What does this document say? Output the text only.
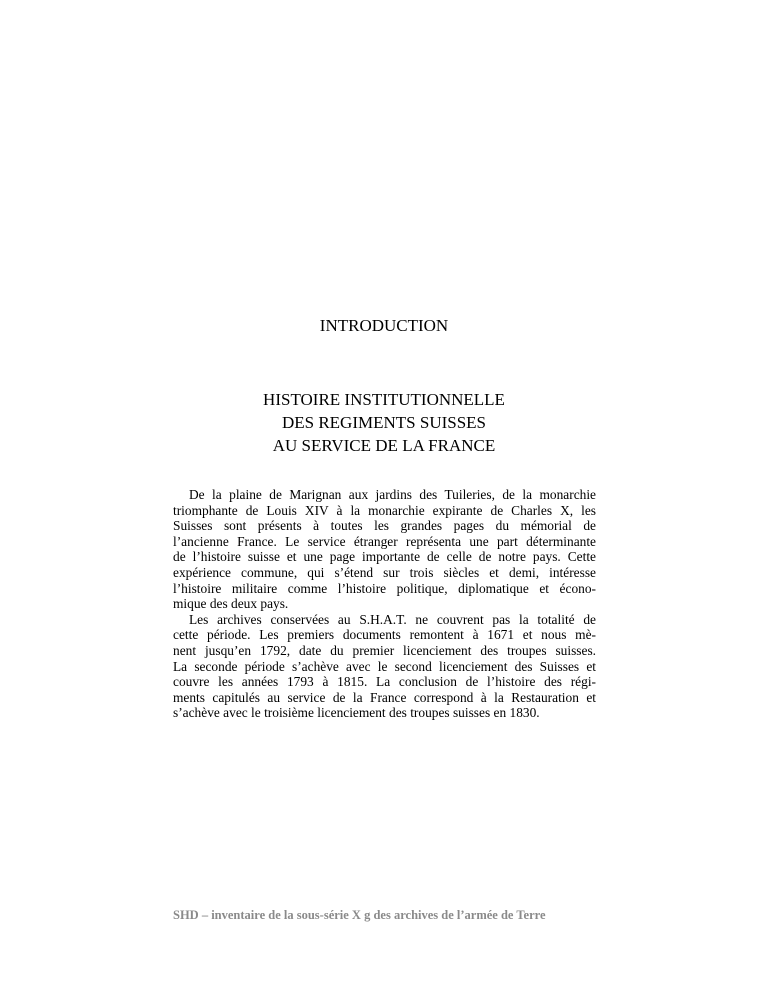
INTRODUCTION
HISTOIRE INSTITUTIONNELLE
DES REGIMENTS SUISSES
AU SERVICE DE LA FRANCE

De la plaine de Marignan aux jardins des Tuileries, de la monarchie
triomphante de Louis XIV à la monarchie expirante de Charles X, les
Suisses sont présents à toutes les grandes pages du mémorial de
l’ancienne France. Le service étranger représenta une part déterminante
de l’histoire suisse et une page importante de celle de notre pays. Cette
expérience commune, qui s’étend sur trois siècles et demi, intéresse
l’histoire militaire comme l’histoire politique, diplomatique et écono-
mique des deux pays.

Les archives conservées au S.H.A.T. ne couvrent pas la totalité de
cette période. Les premiers documents remontent à 1671 et nous mè-
nent jusqu’en 1792, date du premier licenciement des troupes suisses.
La seconde période s’achève avec le second licenciement des Suisses et
couvre les années 1793 à 1815. La conclusion de l’histoire des régi-
ments capitulés au service de la France correspond à la Restauration et
s’achève avec le troisième licenciement des troupes suisses en 1830.

SHD – inventaire de la sous-série X g des archives de l’armée de Terre
